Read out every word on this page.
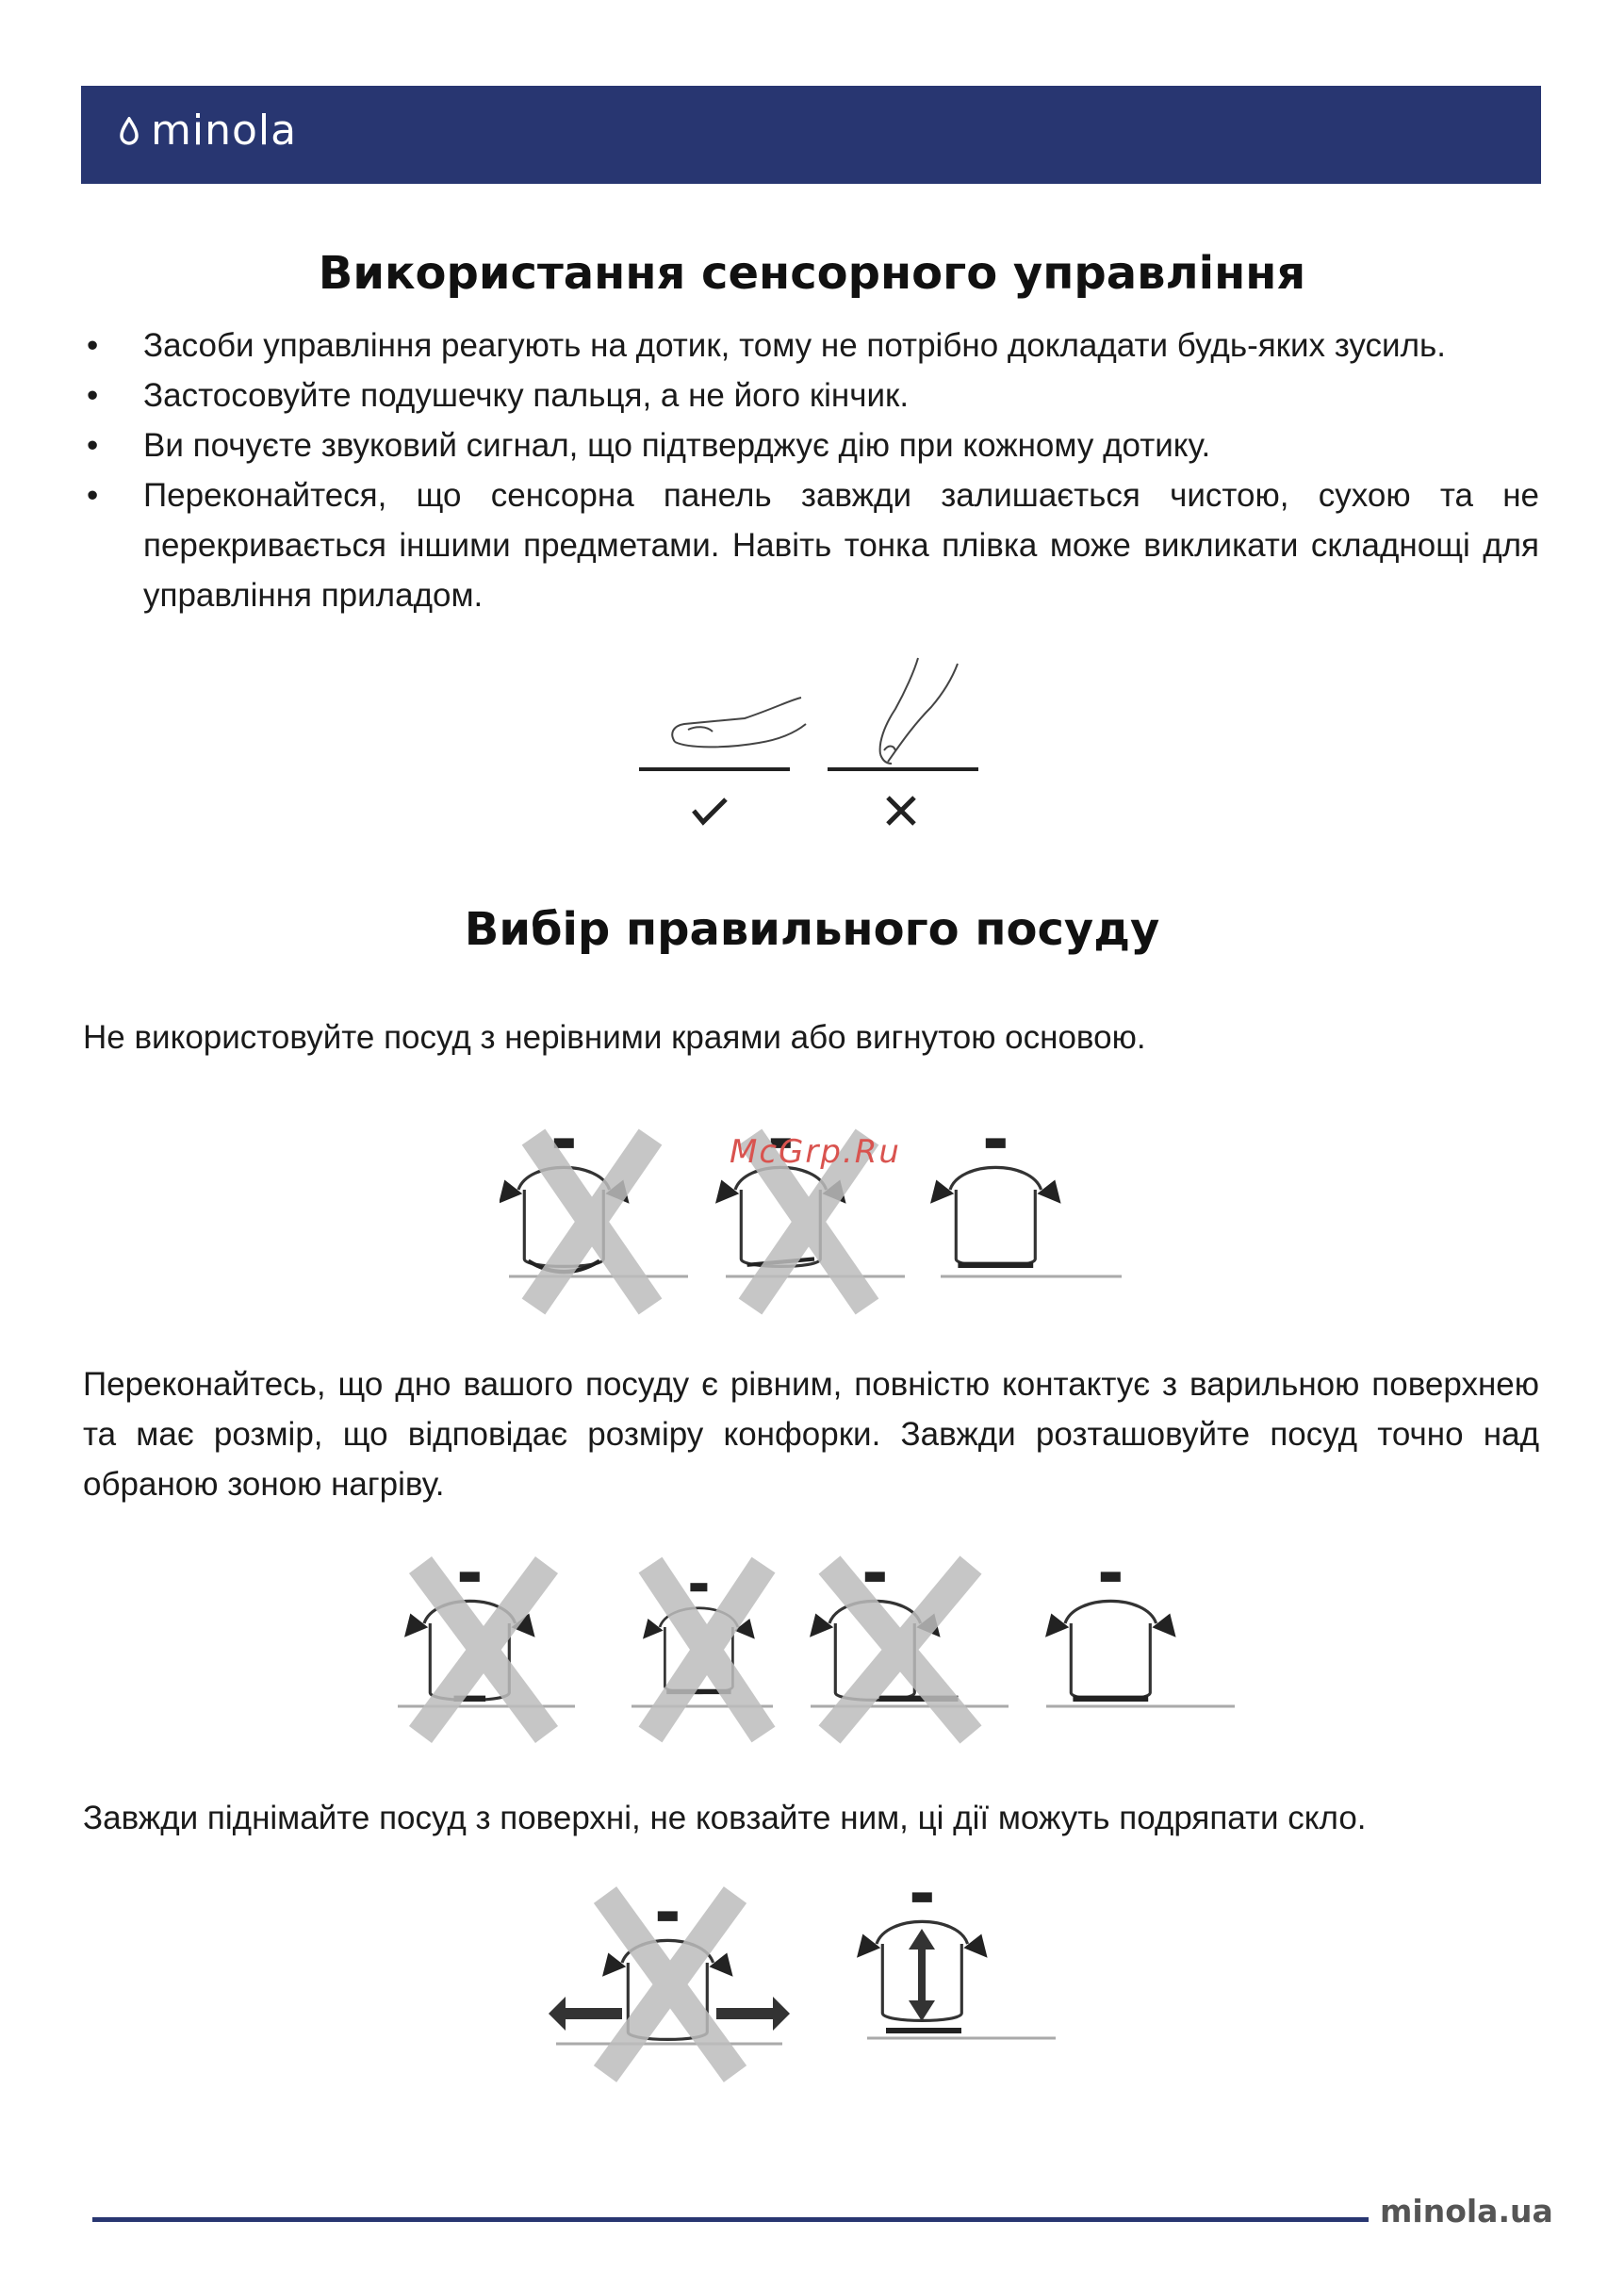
minola
Використання сенсорного управління
• Засоби управління реагують на дотик, тому не потрібно докладати будь-яких зусиль.
• Застосовуйте подушечку пальця, а не його кінчик.
• Ви почуєте звуковий сигнал, що підтверджує дію при кожному дотику.
• Переконайтеся, що сенсорна панель завжди залишається чистою, сухою та не перекривається іншими предметами. Навіть тонка плівка може викликати складнощі для управління приладом.
Вибір правильного посуду

Не використовуйте посуд з нерівними краями або вигнутою основою.

Переконайтесь, що дно вашого посуду є рівним, повністю контактує з варильною поверхнею та має розмір, що відповідає розміру конфорки. Завжди розташовуйте посуд точно над обраною зоною нагріву.

Завжди піднімайте посуд з поверхні, не ковзайте ним, ці дії можуть подряпати скло.

McGrp.Ru
minola.ua
